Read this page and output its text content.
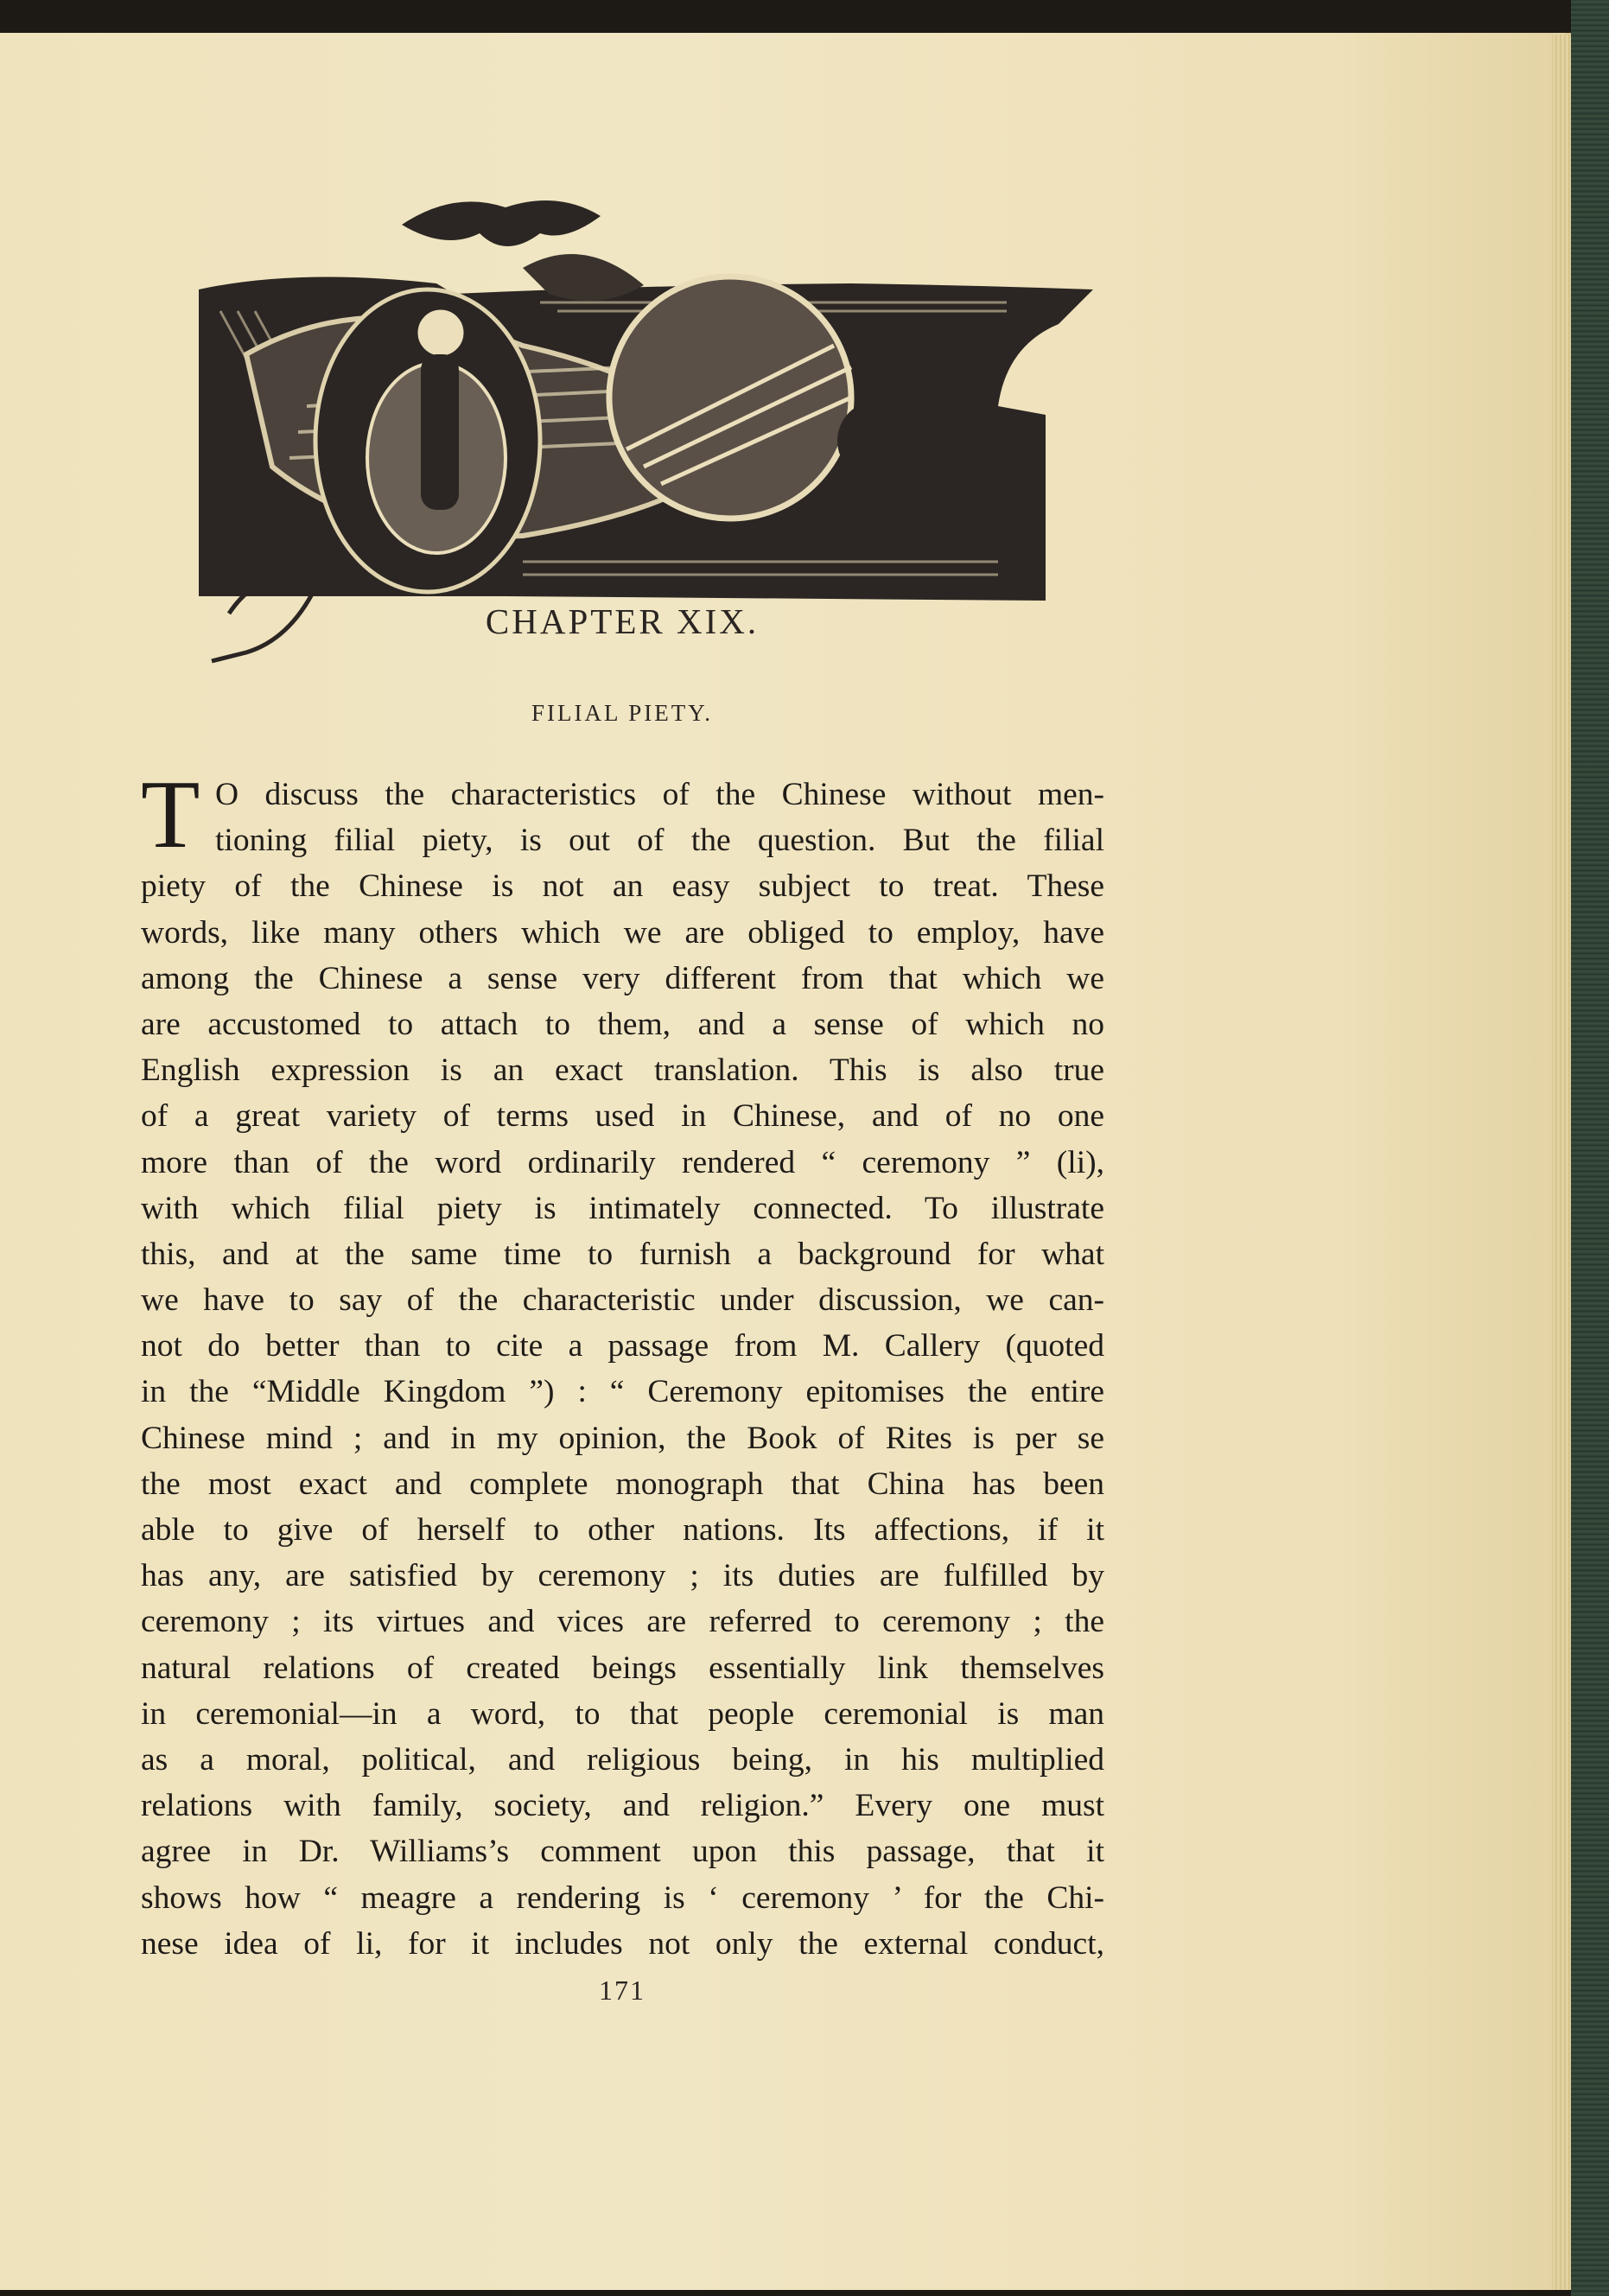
CHAPTER XIX.
FILIAL PIETY.
T O discuss the characteristics of the Chinese without men-
tioning filial piety, is out of the question. But the filial
piety of the Chinese is not an easy subject to treat. These
words, like many others which we are obliged to employ, have
among the Chinese a sense very different from that which we
are accustomed to attach to them, and a sense of which no
English expression is an exact translation. This is also true
of a great variety of terms used in Chinese, and of no one
more than of the word ordinarily rendered “ ceremony ” (li),
with which filial piety is intimately connected. To illustrate
this, and at the same time to furnish a background for what
we have to say of the characteristic under discussion, we can-
not do better than to cite a passage from M. Callery (quoted
in the “Middle Kingdom ”) : “ Ceremony epitomises the entire
Chinese mind ; and in my opinion, the Book of Rites is per se
the most exact and complete monograph that China has been
able to give of herself to other nations. Its affections, if it
has any, are satisfied by ceremony ; its duties are fulfilled by
ceremony ; its virtues and vices are referred to ceremony ; the
natural relations of created beings essentially link themselves
in ceremonial—in a word, to that people ceremonial is man
as a moral, political, and religious being, in his multiplied
relations with family, society, and religion.” Every one must
agree in Dr. Williams’s comment upon this passage, that it
shows how “ meagre a rendering is ‘ ceremony ’ for the Chi-
nese idea of li, for it includes not only the external conduct,
171
